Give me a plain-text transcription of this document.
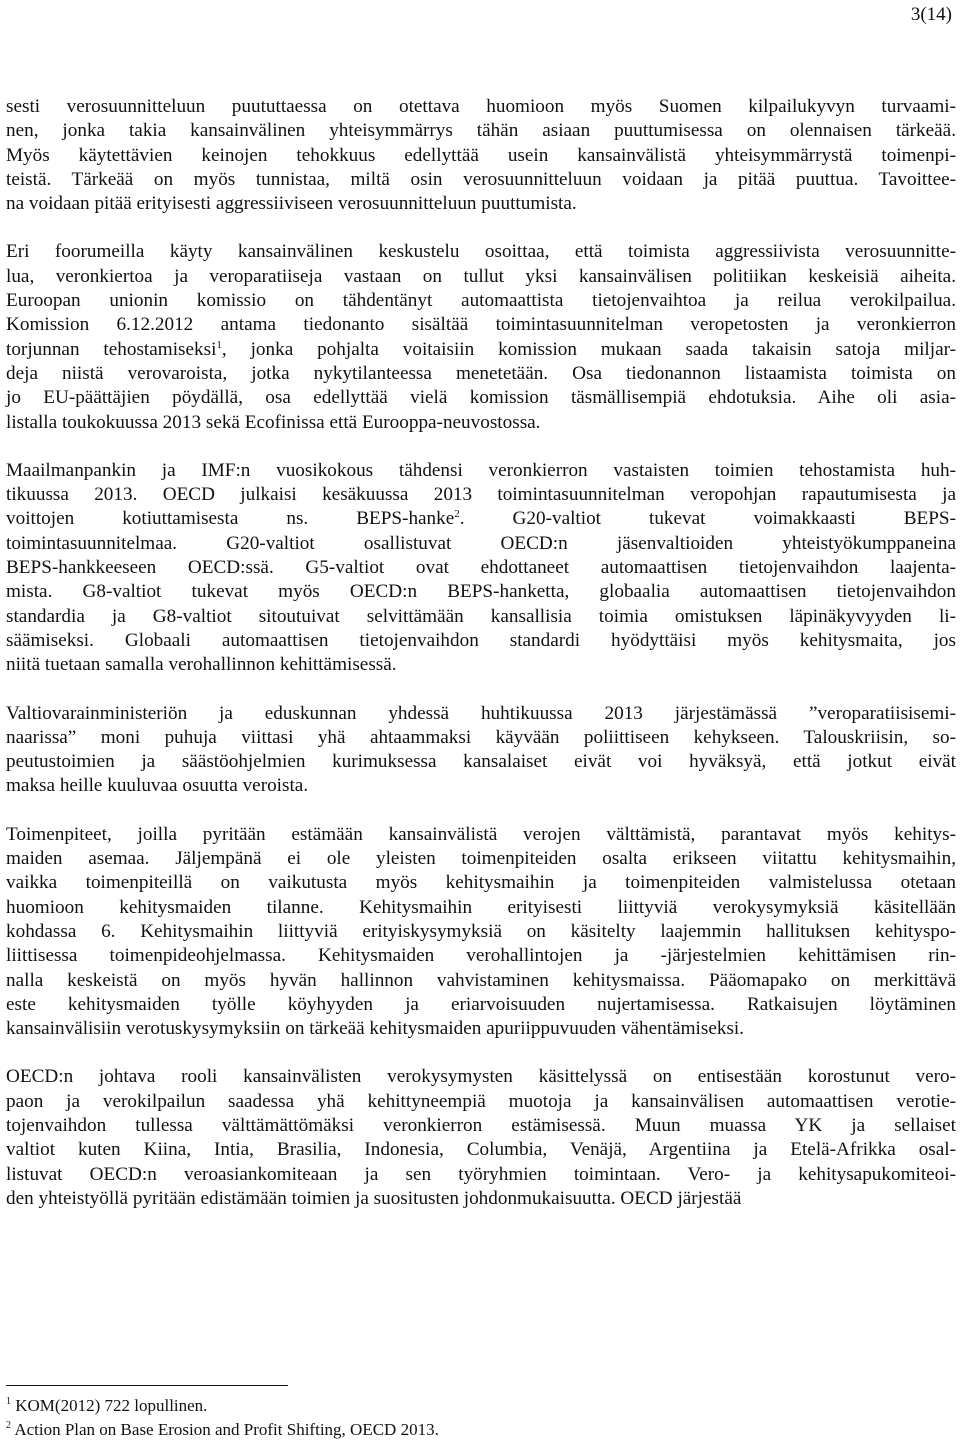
3(14)

sesti verosuunnitteluun puututtaessa on otettava huomioon myös Suomen kilpailukyvyn turvaami-
nen, jonka takia kansainvälinen yhteisymmärrys tähän asiaan puuttumisessa on olennaisen tärkeää.
Myös käytettävien keinojen tehokkuus edellyttää usein kansainvälistä yhteisymmärrystä toimenpi-
teistä. Tärkeää on myös tunnistaa, miltä osin verosuunnitteluun voidaan ja pitää puuttua. Tavoittee-
na voidaan pitää erityisesti aggressiiviseen verosuunnitteluun puuttumista.

Eri foorumeilla käyty kansainvälinen keskustelu osoittaa, että toimista aggressiivista verosuunnitte-
lua, veronkiertoa ja veroparatiiseja vastaan on tullut yksi kansainvälisen politiikan keskeisiä aiheita.
Euroopan unionin komissio on tähdentänyt automaattista tietojenvaihtoa ja reilua verokilpailua.
Komission 6.12.2012 antama tiedonanto sisältää toimintasuunnitelman veropetosten ja veronkierron
torjunnan tehostamiseksi$^1$, jonka pohjalta voitaisiin komission mukaan saada takaisin satoja miljar-
deja niistä verovaroista, jotka nykytilanteessa menetetään. Osa tiedonannon listaamista toimista on
jo EU-päättäjien pöydällä, osa edellyttää vielä komission täsmällisempiä ehdotuksia. Aihe oli asia-
listalla toukokuussa 2013 sekä Ecofinissa että Eurooppa-neuvostossa.

Maailmanpankin ja IMF:n vuosikokous tähdensi veronkierron vastaisten toimien tehostamista huh-
tikuussa 2013. OECD julkaisi kesäkuussa 2013 toimintasuunnitelman veropohjan rapautumisesta ja
voittojen kotiuttamisesta ns. BEPS-hanke$^2$. G20-valtiot tukevat voimakkaasti BEPS-
toimintasuunnitelmaa. G20-valtiot osallistuvat OECD:n jäsenvaltioiden yhteistyökumppaneina
BEPS-hankkeeseen OECD:ssä. G5-valtiot ovat ehdottaneet automaattisen tietojenvaihdon laajenta-
mista. G8-valtiot tukevat myös OECD:n BEPS-hanketta, globaalia automaattisen tietojenvaihdon
standardia ja G8-valtiot sitoutuivat selvittämään kansallisia toimia omistuksen läpinäkyvyyden li-
säämiseksi. Globaali automaattisen tietojenvaihdon standardi hyödyttäisi myös kehitysmaita, jos
niitä tuetaan samalla verohallinnon kehittämisessä.

Valtiovarainministeriön ja eduskunnan yhdessä huhtikuussa 2013 järjestämässä ”veroparatiisisemi-
naarissa” moni puhuja viittasi yhä ahtaammaksi käyvään poliittiseen kehykseen. Talouskriisin, so-
peutustoimien ja säästöohjelmien kurimuksessa kansalaiset eivät voi hyväksyä, että jotkut eivät
maksa heille kuuluvaa osuutta veroista.

Toimenpiteet, joilla pyritään estämään kansainvälistä verojen välttämistä, parantavat myös kehitys-
maiden asemaa. Jäljempänä ei ole yleisten toimenpiteiden osalta erikseen viitattu kehitysmaihin,
vaikka toimenpiteillä on vaikutusta myös kehitysmaihin ja toimenpiteiden valmistelussa otetaan
huomioon kehitysmaiden tilanne. Kehitysmaihin erityisesti liittyviä verokysymyksiä käsitellään
kohdassa 6. Kehitysmaihin liittyviä erityiskysymyksiä on käsitelty laajemmin hallituksen kehityspo-
liittisessa toimenpideohjelmassa. Kehitysmaiden verohallintojen ja -järjestelmien kehittämisen rin-
nalla keskeistä on myös hyvän hallinnon vahvistaminen kehitysmaissa. Pääomapako on merkittävä
este kehitysmaiden työlle köyhyyden ja eriarvoisuuden nujertamisessa. Ratkaisujen löytäminen
kansainvälisiin verotuskysymyksiin on tärkeää kehitysmaiden apuriippuvuuden vähentämiseksi.

OECD:n johtava rooli kansainvälisten verokysymysten käsittelyssä on entisestään korostunut vero-
paon ja verokilpailun saadessa yhä kehittyneempiä muotoja ja kansainvälisen automaattisen verotie-
tojenvaihdon tullessa välttämättömäksi veronkierron estämisessä. Muun muassa YK ja sellaiset
valtiot kuten Kiina, Intia, Brasilia, Indonesia, Columbia, Venäjä, Argentiina ja Etelä-Afrikka osal-
listuvat OECD:n veroasiankomiteaan ja sen työryhmien toimintaan. Vero- ja kehitysapukomiteoi-
den yhteistyöllä pyritään edistämään toimien ja suositusten johdonmukaisuutta. OECD järjestää

$^1$ KOM(2012) 722 lopullinen.
$^2$ Action Plan on Base Erosion and Profit Shifting, OECD 2013.
